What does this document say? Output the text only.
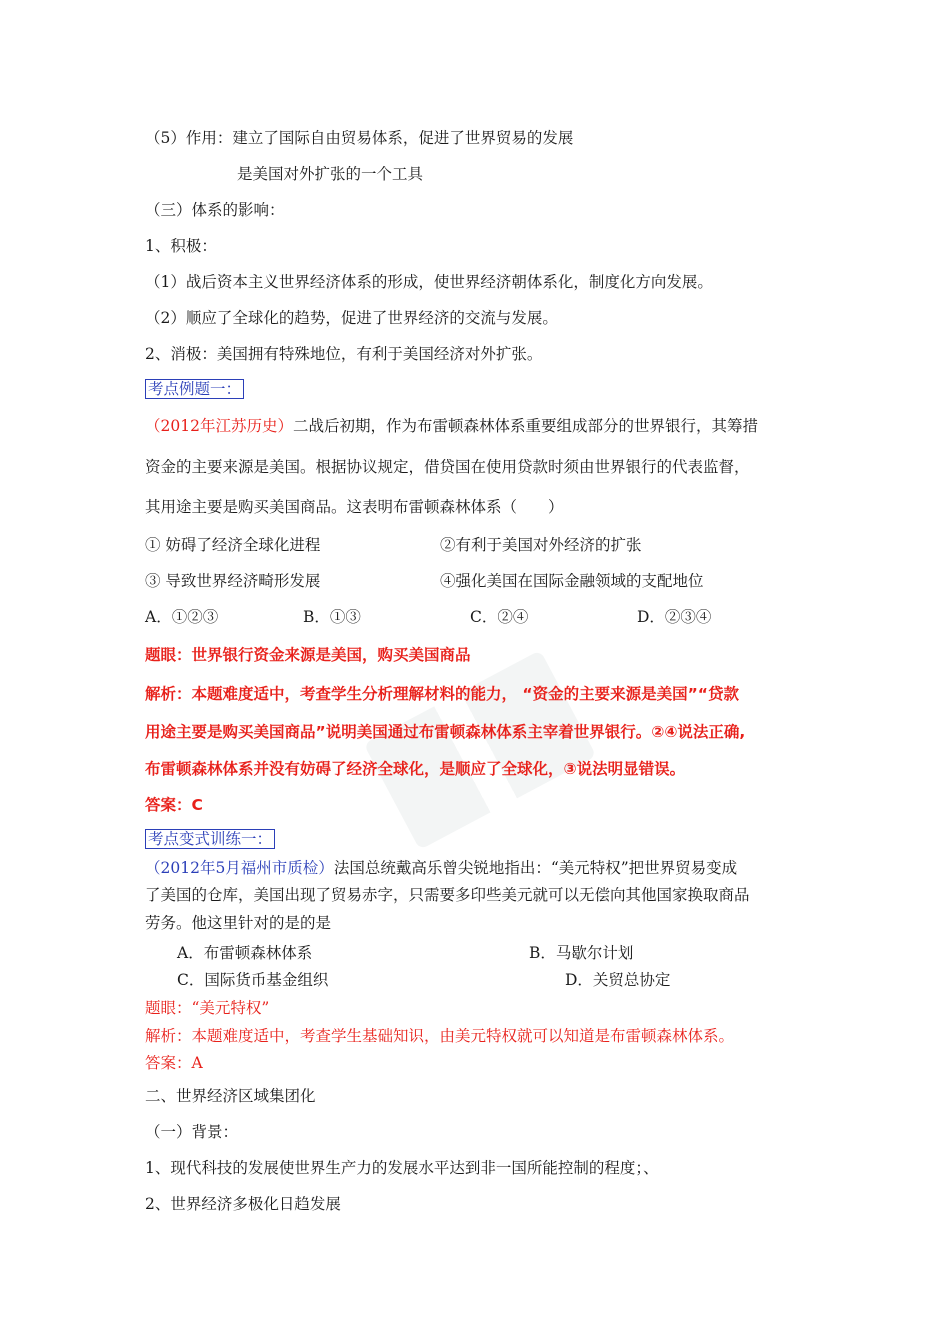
（5）作用：建立了国际自由贸易体系，促进了世界贸易的发展
是美国对外扩张的一个工具
（三）体系的影响：
1、积极：
（1）战后资本主义世界经济体系的形成，使世界经济朝体系化，制度化方向发展。
（2）顺应了全球化的趋势，促进了世界经济的交流与发展。
2、消极：美国拥有特殊地位，有利于美国经济对外扩张。
考点例题一：
（2012年江苏历史）二战后初期，作为布雷顿森林体系重要组成部分的世界银行，其筹措
资金的主要来源是美国。根据协议规定，借贷国在使用贷款时须由世界银行的代表监督，
其用途主要是购买美国商品。这表明布雷顿森林体系（　　）
① 妨碍了经济全球化进程	②有利于美国对外经济的扩张
③ 导致世界经济畸形发展	④强化美国在国际金融领域的支配地位
A．①②③	B．①③	C．②④	D．②③④
题眼：世界银行资金来源是美国，购买美国商品
解析：本题难度适中，考查学生分析理解材料的能力， “资金的主要来源是美国”“贷款
用途主要是购买美国商品”说明美国通过布雷顿森林体系主宰着世界银行。②④说法正确,
布雷顿森林体系并没有妨碍了经济全球化，是顺应了全球化，③说法明显错误。
答案：C
考点变式训练一：
（2012年5月福州市质检）法国总统戴高乐曾尖锐地指出：“美元特权”把世界贸易变成
了美国的仓库，美国出现了贸易赤字，只需要多印些美元就可以无偿向其他国家换取商品
劳务。他这里针对的是的是
A．布雷顿森林体系	B．马歇尔计划
C．国际货币基金组织	D．关贸总协定
题眼：“美元特权”
解析：本题难度适中，考查学生基础知识，由美元特权就可以知道是布雷顿森林体系。
答案：A
二、世界经济区域集团化
（一）背景：
1、现代科技的发展使世界生产力的发展水平达到非一国所能控制的程度；、
2、世界经济多极化日趋发展
